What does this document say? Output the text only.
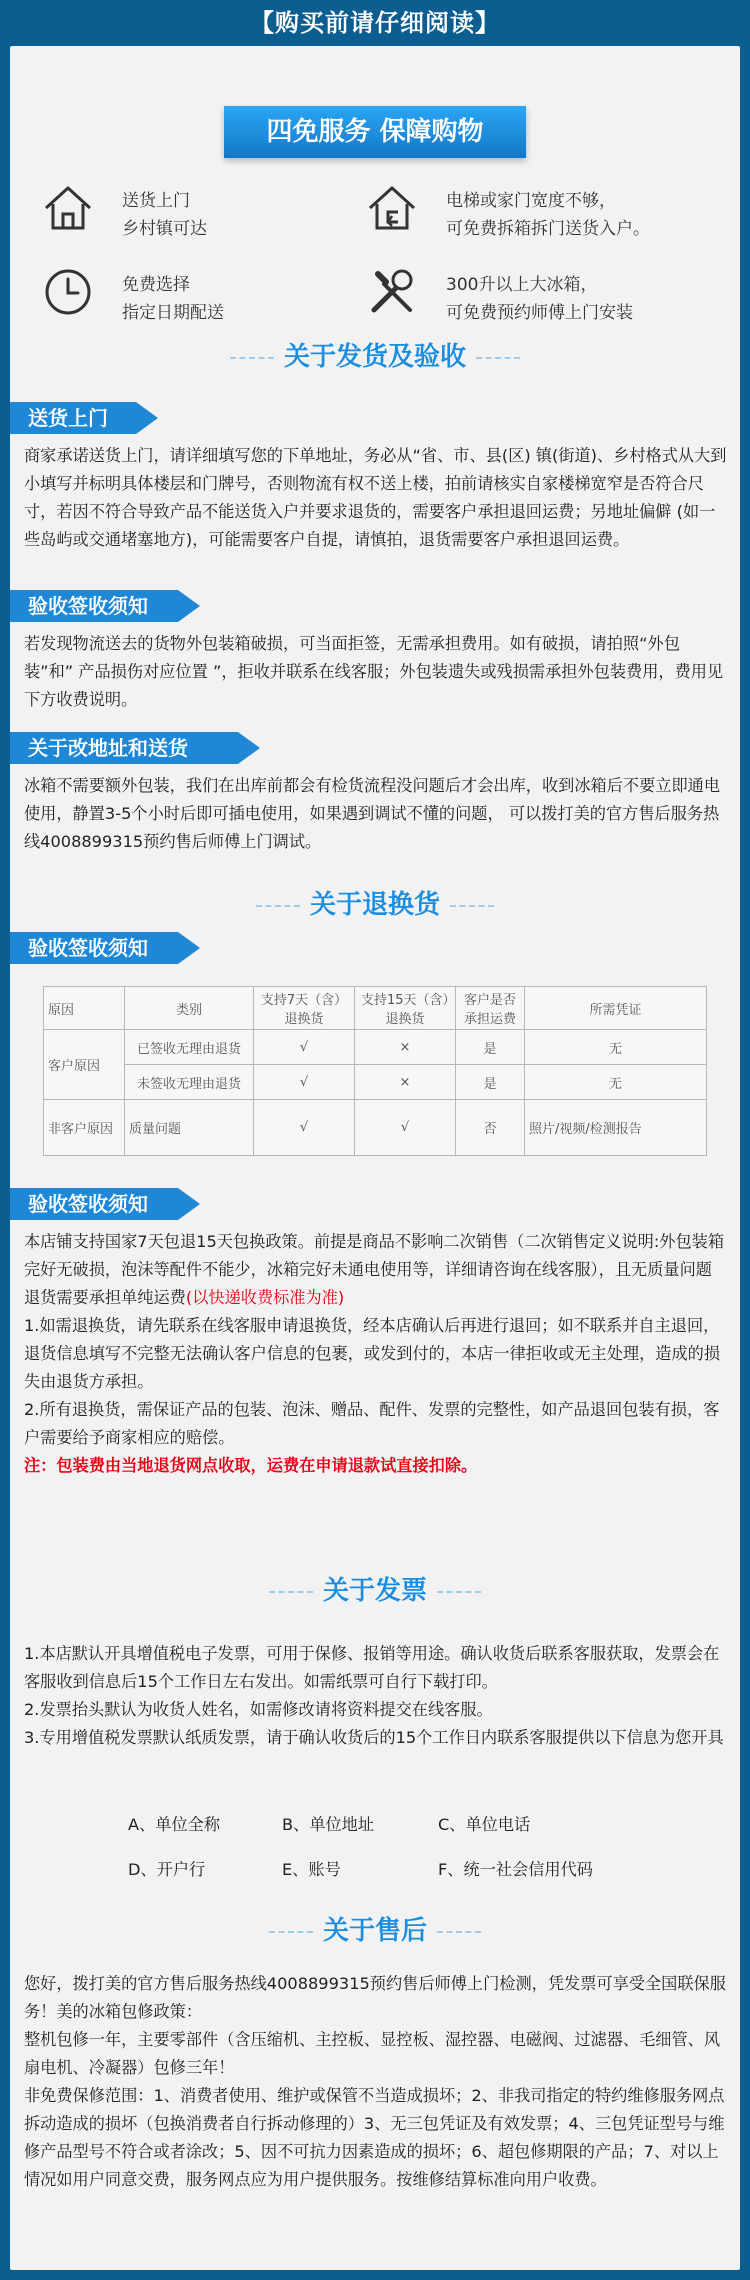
【购买前请仔细阅读】
四免服务 保障购物
送货上门
乡村镇可达
电梯或家门宽度不够，
可免费拆箱拆门送货入户。
免费选择
指定日期配送
300升以上大冰箱，
可免费预约师傅上门安装
关于发货及验收
送货上门
商家承诺送货上门，请详细填写您的下单地址，务必从“省、市、县(区) 镇(街道)、乡村格式从大到小填写并标明具体楼层和门牌号，否则物流有权不送上楼，拍前请核实自家楼梯宽窄是否符合尺寸，若因不符合导致产品不能送货入户并要求退货的，需要客户承担退回运费；另地址偏僻 (如一些岛屿或交通堵塞地方)，可能需要客户自提，请慎拍，退货需要客户承担退回运费。
验收签收须知
若发现物流送去的货物外包装箱破损，可当面拒签，无需承担费用。如有破损，请拍照“外包装”和” 产品损伤对应位置 ”，拒收并联系在线客服；外包装遗失或残损需承担外包装费用，费用见下方收费说明。
关于改地址和送货
冰箱不需要额外包装，我们在出库前都会有检货流程没问题后才会出库，收到冰箱后不要立即通电使用，静置3-5个小时后即可插电使用，如果遇到调试不懂的问题， 可以拨打美的官方售后服务热线4008899315预约售后师傅上门调试。
关于退换货
验收签收须知
原因	类别	支持7天（含）退换货	支持15天（含）退换货	客户是否承担运费	所需凭证
客户原因	已签收无理由退货	√	×	是	无
	未签收无理由退货	√	×	是	无
非客户原因	质量问题	√	√	否	照片/视频/检测报告
验收签收须知

本店铺支持国家7天包退15天包换政策。前提是商品不影响二次销售（二次销售定义说明:外包装箱完好无破损，泡沫等配件不能少，冰箱完好未通电使用等，详细请咨询在线客服），且无质量问题退货需要承担单纯运费(以快递收费标准为准)

1.如需退换货，请先联系在线客服申请退换货，经本店确认后再进行退回；如不联系并自主退回，退货信息填写不完整无法确认客户信息的包裹，或发到付的，本店一律拒收或无主处理，造成的损失由退货方承担。

2.所有退换货，需保证产品的包装、泡沫、赠品、配件、发票的完整性，如产品退回包装有损，客户需要给予商家相应的赔偿。

注：包装费由当地退货网点收取，运费在申请退款试直接扣除。

关于发票

1.本店默认开具增值税电子发票，可用于保修、报销等用途。确认收货后联系客服获取，发票会在客服收到信息后15个工作日左右发出。如需纸票可自行下载打印。

2.发票抬头默认为收货人姓名，如需修改请将资料提交在线客服。

3.专用增值税发票默认纸质发票，请于确认收货后的15个工作日内联系客服提供以下信息为您开具

A、单位全称	B、单位地址	C、单位电话
D、开户行	E、账号	F、统一社会信用代码
关于售后

您好，拨打美的官方售后服务热线4008899315预约售后师傅上门检测，凭发票可享受全国联保服务！美的冰箱包修政策：

整机包修一年，主要零部件（含压缩机、主控板、显控板、湿控器、电磁阀、过滤器、毛细管、风扇电机、冷凝器）包修三年！

非免费保修范围：1、消费者使用、维护或保管不当造成损坏；2、非我司指定的特约维修服务网点拆动造成的损坏（包换消费者自行拆动修理的）3、无三包凭证及有效发票；4、三包凭证型号与维修产品型号不符合或者涂改；5、因不可抗力因素造成的损坏；6、超包修期限的产品；7、对以上情况如用户同意交费，服务网点应为用户提供服务。按维修结算标准向用户收费。
